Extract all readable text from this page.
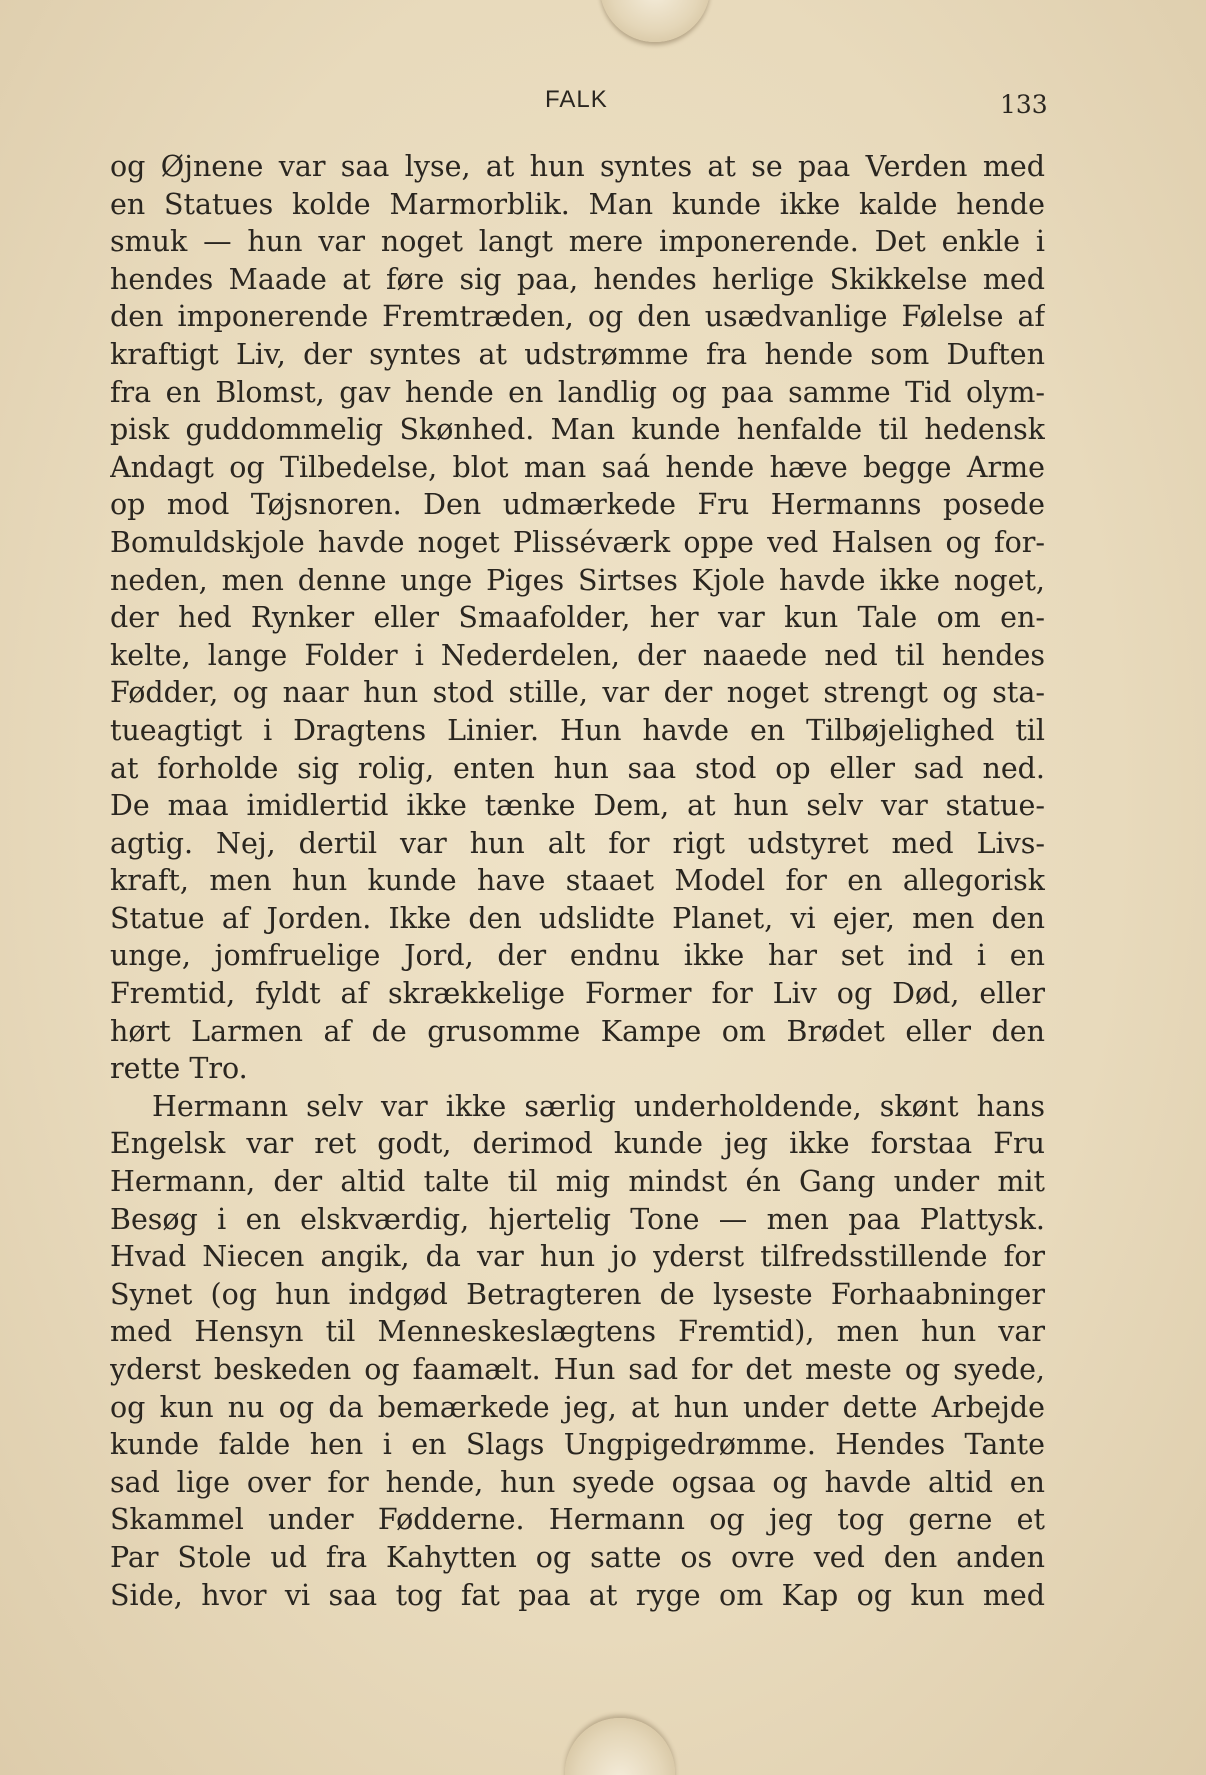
FALK	133
og Øjnene var saa lyse, at hun syntes at se paa Verden med
en Statues kolde Marmorblik. Man kunde ikke kalde hende
smuk — hun var noget langt mere imponerende. Det enkle i
hendes Maade at føre sig paa, hendes herlige Skikkelse med
den imponerende Fremtræden, og den usædvanlige Følelse af
kraftigt Liv, der syntes at udstrømme fra hende som Duften
fra en Blomst, gav hende en landlig og paa samme Tid olym-
pisk guddommelig Skønhed. Man kunde henfalde til hedensk
Andagt og Tilbedelse, blot man saá hende hæve begge Arme
op mod Tøjsnoren. Den udmærkede Fru Hermanns posede
Bomuldskjole havde noget Plisséværk oppe ved Halsen og for-
neden, men denne unge Piges Sirtses Kjole havde ikke noget,
der hed Rynker eller Smaafolder, her var kun Tale om en-
kelte, lange Folder i Nederdelen, der naaede ned til hendes
Fødder, og naar hun stod stille, var der noget strengt og sta-
tueagtigt i Dragtens Linier. Hun havde en Tilbøjelighed til
at forholde sig rolig, enten hun saa stod op eller sad ned.
De maa imidlertid ikke tænke Dem, at hun selv var statue-
agtig. Nej, dertil var hun alt for rigt udstyret med Livs-
kraft, men hun kunde have staaet Model for en allegorisk
Statue af Jorden. Ikke den udslidte Planet, vi ejer, men den
unge, jomfruelige Jord, der endnu ikke har set ind i en
Fremtid, fyldt af skrækkelige Former for Liv og Død, eller
hørt Larmen af de grusomme Kampe om Brødet eller den
rette Tro.
Hermann selv var ikke særlig underholdende, skønt hans
Engelsk var ret godt, derimod kunde jeg ikke forstaa Fru
Hermann, der altid talte til mig mindst én Gang under mit
Besøg i en elskværdig, hjertelig Tone — men paa Plattysk.
Hvad Niecen angik, da var hun jo yderst tilfredsstillende for
Synet (og hun indgød Betragteren de lyseste Forhaabninger
med Hensyn til Menneskeslægtens Fremtid), men hun var
yderst beskeden og faamælt. Hun sad for det meste og syede,
og kun nu og da bemærkede jeg, at hun under dette Arbejde
kunde falde hen i en Slags Ungpigedrømme. Hendes Tante
sad lige over for hende, hun syede ogsaa og havde altid en
Skammel under Fødderne. Hermann og jeg tog gerne et
Par Stole ud fra Kahytten og satte os ovre ved den anden
Side, hvor vi saa tog fat paa at ryge om Kap og kun med
